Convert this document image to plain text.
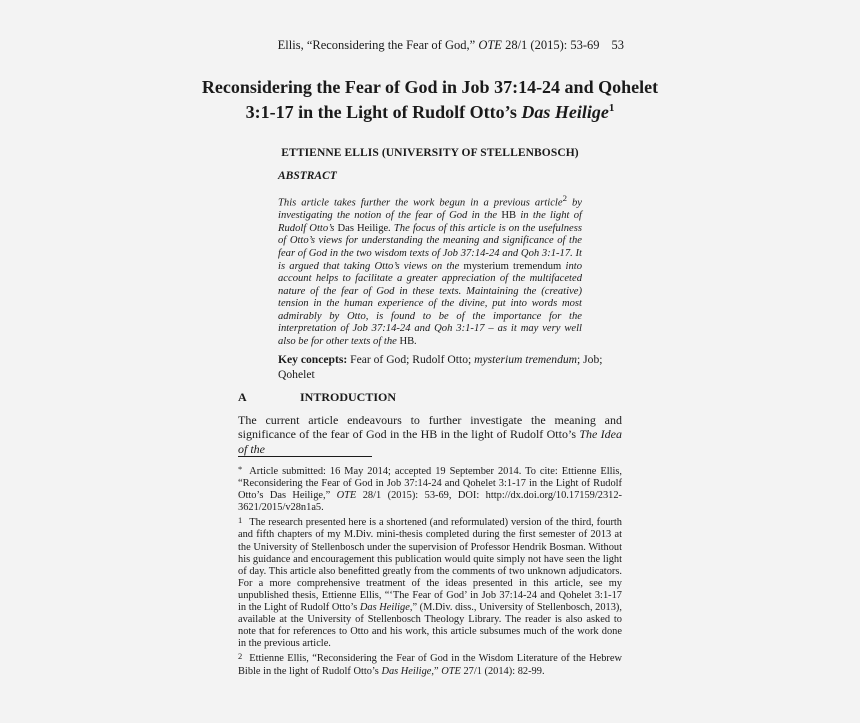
Ellis, “Reconsidering the Fear of God,” OTE 28/1 (2015): 53-69 53
Reconsidering the Fear of God in Job 37:14-24 and Qohelet 3:1-17 in the Light of Rudolf Otto’s Das Heilige$^1$
ETTIENNE ELLIS (UNIVERSITY OF STELLENBOSCH)
ABSTRACT
This article takes further the work begun in a previous article$^2$ by investigating the notion of the fear of God in the HB in the light of Rudolf Otto’s Das Heilige. The focus of this article is on the usefulness of Otto’s views for understanding the meaning and significance of the fear of God in the two wisdom texts of Job 37:14-24 and Qoh 3:1-17. It is argued that taking Otto’s views on the mysterium tremendum into account helps to facilitate a greater appreciation of the multifaceted nature of the fear of God in these texts. Maintaining the (creative) tension in the human experience of the divine, put into words most admirably by Otto, is found to be of the importance for the interpretation of Job 37:14-24 and Qoh 3:1-17 – as it may very well also be for other texts of the HB.
Key concepts: Fear of God; Rudolf Otto; mysterium tremendum; Job; Qohelet
A	INTRODUCTION
The current article endeavours to further investigate the meaning and significance of the fear of God in the HB in the light of Rudolf Otto’s The Idea of the

* Article submitted: 16 May 2014; accepted 19 September 2014. To cite: Ettienne Ellis, “Reconsidering the Fear of God in Job 37:14-24 and Qohelet 3:1-17 in the Light of Rudolf Otto’s Das Heilige,” OTE 28/1 (2015): 53-69, DOI: http://dx.doi.org/10.17159/2312-3621/2015/v28n1a5.

1 The research presented here is a shortened (and reformulated) version of the third, fourth and fifth chapters of my M.Div. mini-thesis completed during the first semester of 2013 at the University of Stellenbosch under the supervision of Professor Hendrik Bosman. Without his guidance and encouragement this publication would quite simply not have seen the light of day. This article also benefitted greatly from the comments of two unknown adjudicators. For a more comprehensive treatment of the ideas presented in this article, see my unpublished thesis, Ettienne Ellis, “‘The Fear of God’ in Job 37:14-24 and Qohelet 3:1-17 in the Light of Rudolf Otto’s Das Heilige,” (M.Div. diss., University of Stellenbosch, 2013), available at the University of Stellenbosch Theology Library. The reader is also asked to note that for references to Otto and his work, this article subsumes much of the work done in the previous article.

2 Ettienne Ellis, “Reconsidering the Fear of God in the Wisdom Literature of the Hebrew Bible in the light of Rudolf Otto’s Das Heilige,” OTE 27/1 (2014): 82-99.
